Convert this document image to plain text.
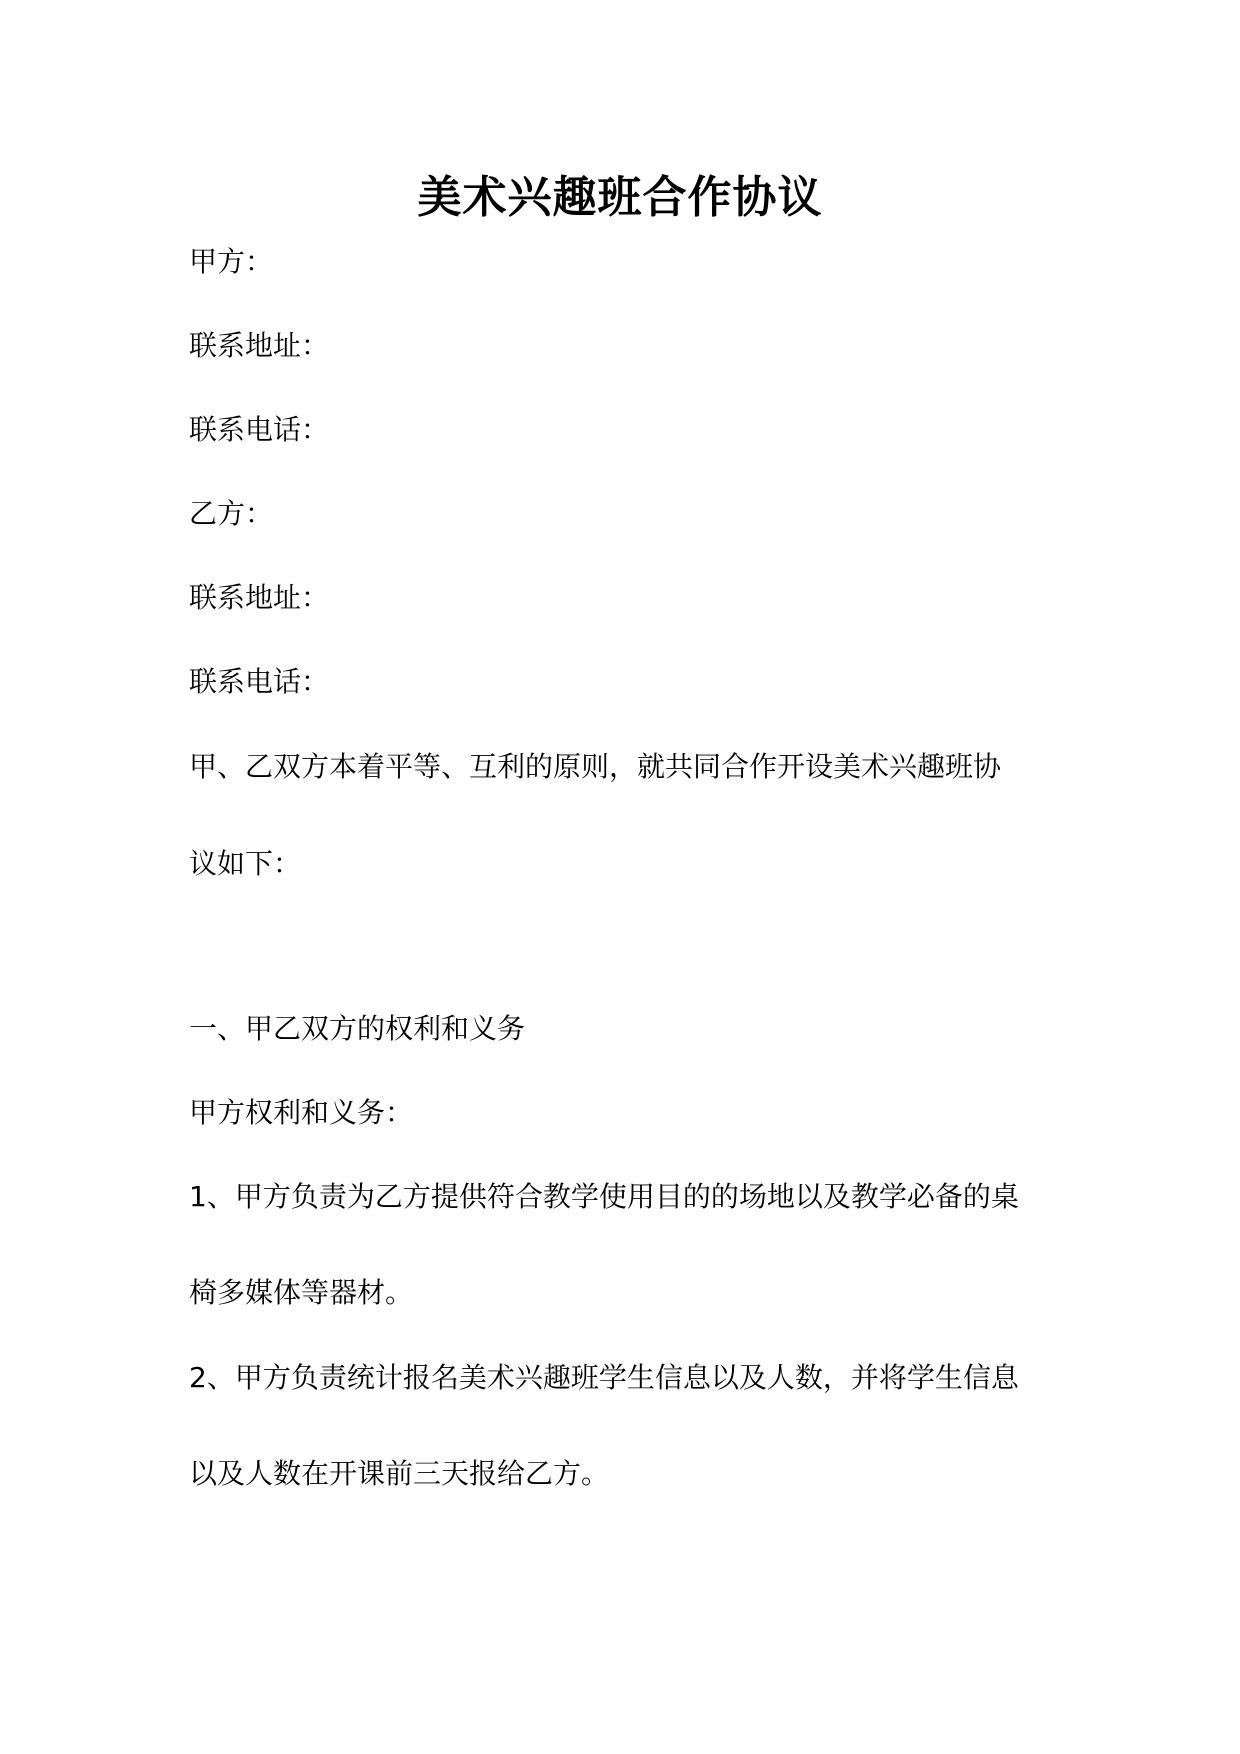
美术兴趣班合作协议
甲方：
联系地址：
联系电话：
乙方：
联系地址：
联系电话：
甲、乙双方本着平等、互利的原则，就共同合作开设美术兴趣班协
议如下：
一、甲乙双方的权利和义务
甲方权利和义务：
1、甲方负责为乙方提供符合教学使用目的的场地以及教学必备的桌
椅多媒体等器材。
2、甲方负责统计报名美术兴趣班学生信息以及人数，并将学生信息
以及人数在开课前三天报给乙方。
